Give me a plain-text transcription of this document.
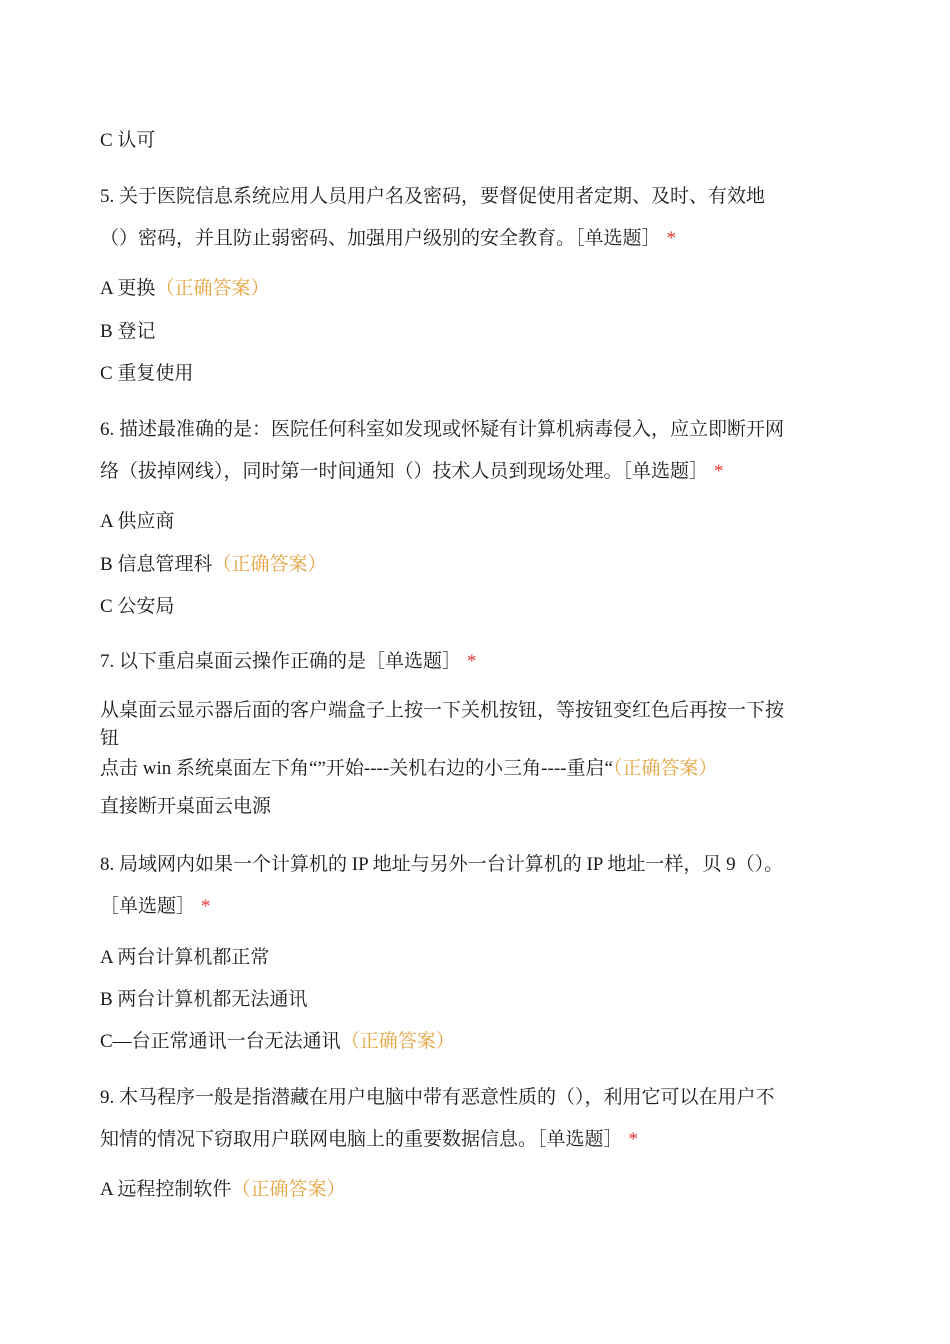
C 认可
5. 关于医院信息系统应用人员用户名及密码，要督促使用者定期、及时、有效地
（）密码，并且防止弱密码、加强用户级别的安全教育。［单选题］ *
A 更换（正确答案）
B 登记
C 重复使用
6. 描述最准确的是：医院任何科室如发现或怀疑有计算机病毒侵入，应立即断开网
络（拔掉网线），同时第一时间通知（）技术人员到现场处理。［单选题］ *
A 供应商
B 信息管理科（正确答案）
C 公安局
7. 以下重启桌面云操作正确的是［单选题］ *
从桌面云显示器后面的客户端盒子上按一下关机按钮，等按钮变红色后再按一下按
钮
点击 win 系统桌面左下角“”开始----关机右边的小三角----重启“（正确答案）
直接断开桌面云电源
8. 局域网内如果一个计算机的 IP 地址与另外一台计算机的 IP 地址一样，贝 9（）。
［单选题］ *
A 两台计算机都正常
B 两台计算机都无法通讯
C—台正常通讯一台无法通讯（正确答案）
9. 木马程序一般是指潜藏在用户电脑中带有恶意性质的（），利用它可以在用户不
知情的情况下窃取用户联网电脑上的重要数据信息。［单选题］ *
A 远程控制软件（正确答案）
